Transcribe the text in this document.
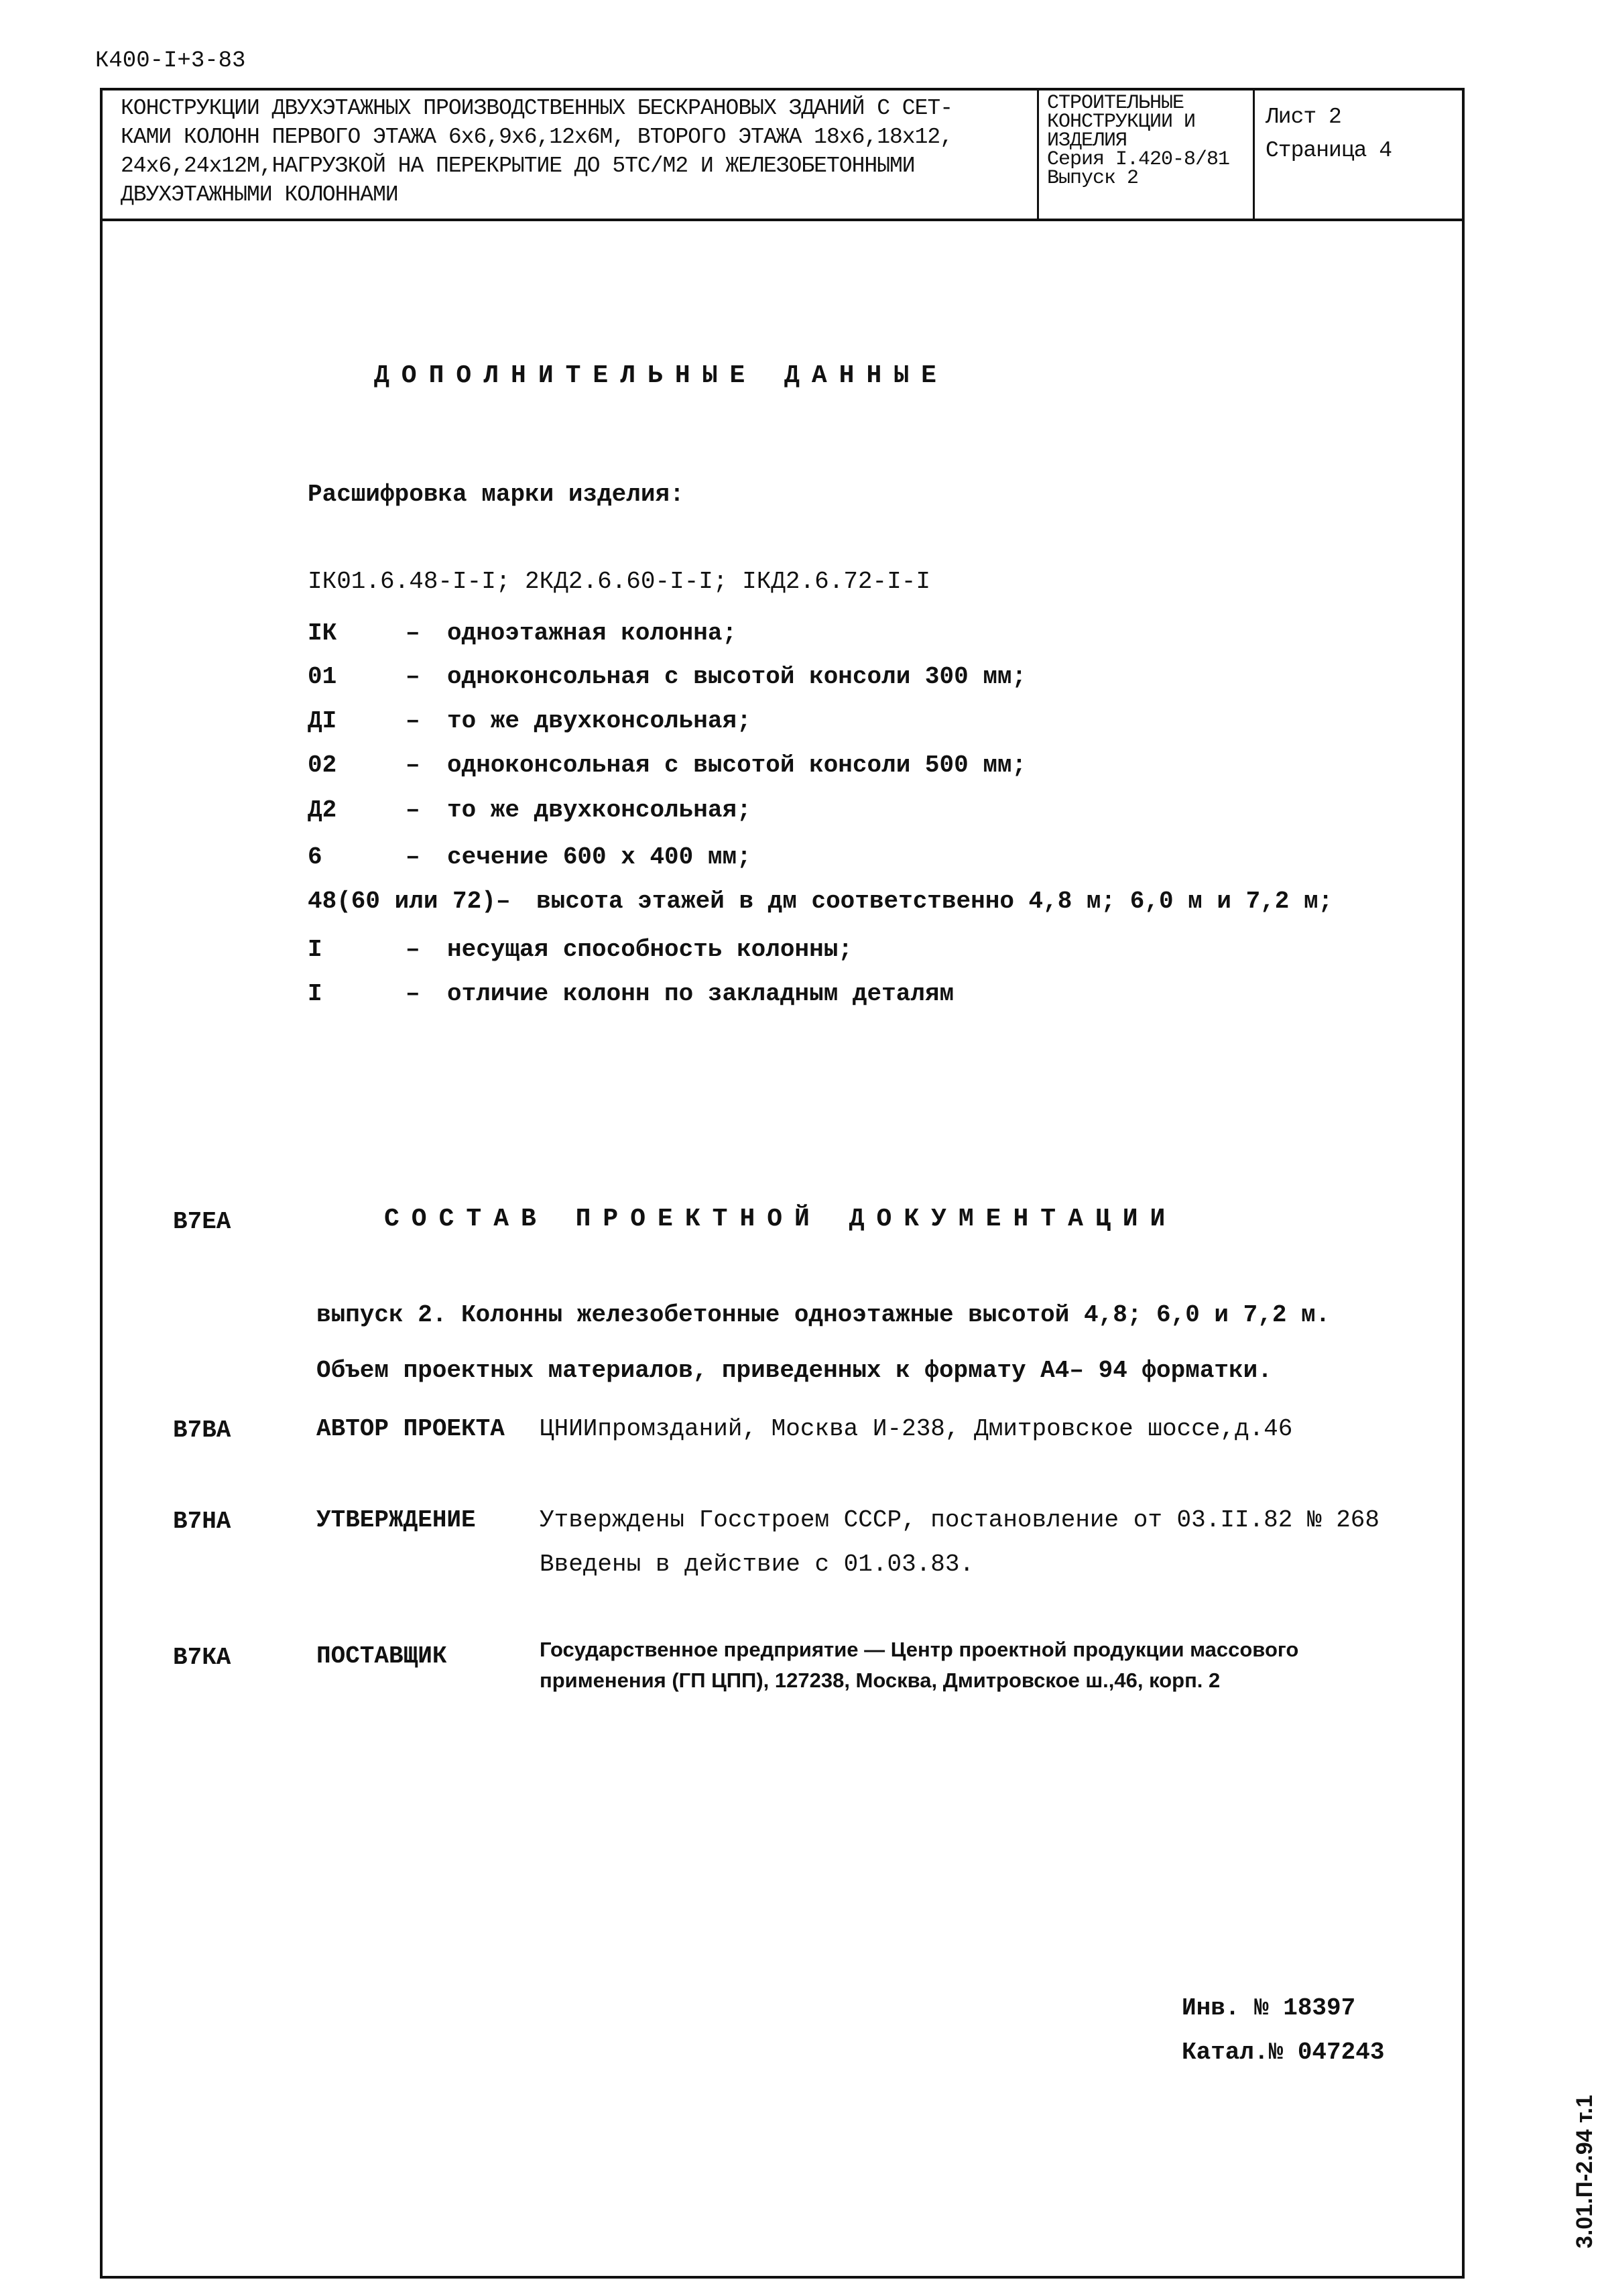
К400-I+3-83
КОНСТРУКЦИИ ДВУХЭТАЖНЫХ ПРОИЗВОДСТВЕННЫХ БЕСКРАНОВЫХ ЗДАНИЙ С СЕТ-
КАМИ КОЛОНН ПЕРВОГО ЭТАЖА 6х6,9х6,12х6М, ВТОРОГО ЭТАЖА 18х6,18х12,
24х6,24х12М,НАГРУЗКОЙ НА ПЕРЕКРЫТИЕ ДО 5ТС/М2 И ЖЕЛЕЗОБЕТОННЫМИ
ДВУХЭТАЖНЫМИ КОЛОННАМИ
СТРОИТЕЛЬНЫЕ
КОНСТРУКЦИИ И
ИЗДЕЛИЯ
Серия I.420-8/81
Выпуск 2
Лист 2
Страница 4
ДОПОЛНИТЕЛЬНЫЕ ДАННЫЕ
Расшифровка марки изделия:
IК01.6.48-I-I; 2КД2.6.60-I-I; IКД2.6.72-I-I
IК	– одноэтажная колонна;
01	– одноконсольная с высотой консоли 300 мм;
ДI	– то же двухконсольная;
02	– одноконсольная с высотой консоли 500 мм;
Д2	– то же двухконсольная;
6	– сечение 600 х 400 мм;
48(60 или 72) – высота этажей в дм соответственно 4,8 м; 6,0 м и 7,2 м;
I	– несущая способность колонны;
I	– отличие колонн по закладным деталям
В7ЕА	СОСТАВ ПРОЕКТНОЙ ДОКУМЕНТАЦИИ
выпуск 2. Колонны железобетонные одноэтажные высотой 4,8; 6,0 и 7,2 м.
Объем проектных материалов, приведенных к формату А4– 94 форматки.
В7ВА	АВТОР ПРОЕКТА ЦНИИпромзданий, Москва И-238, Дмитровское шоссе,д.46
В7НА	УТВЕРЖДЕНИЕ	Утверждены Госстроем СССР, постановление от 03.II.82 № 268
Введены в действие с 01.03.83.
В7КА	ПОСТАВЩИК	Государственное предприятие — Центр проектной продукции массового
применения (ГП ЦПП), 127238, Москва, Дмитровское ш.,46, корп. 2
Инв. № 18397
Катал.№ 047243
3.01.П-2.94 т.1
